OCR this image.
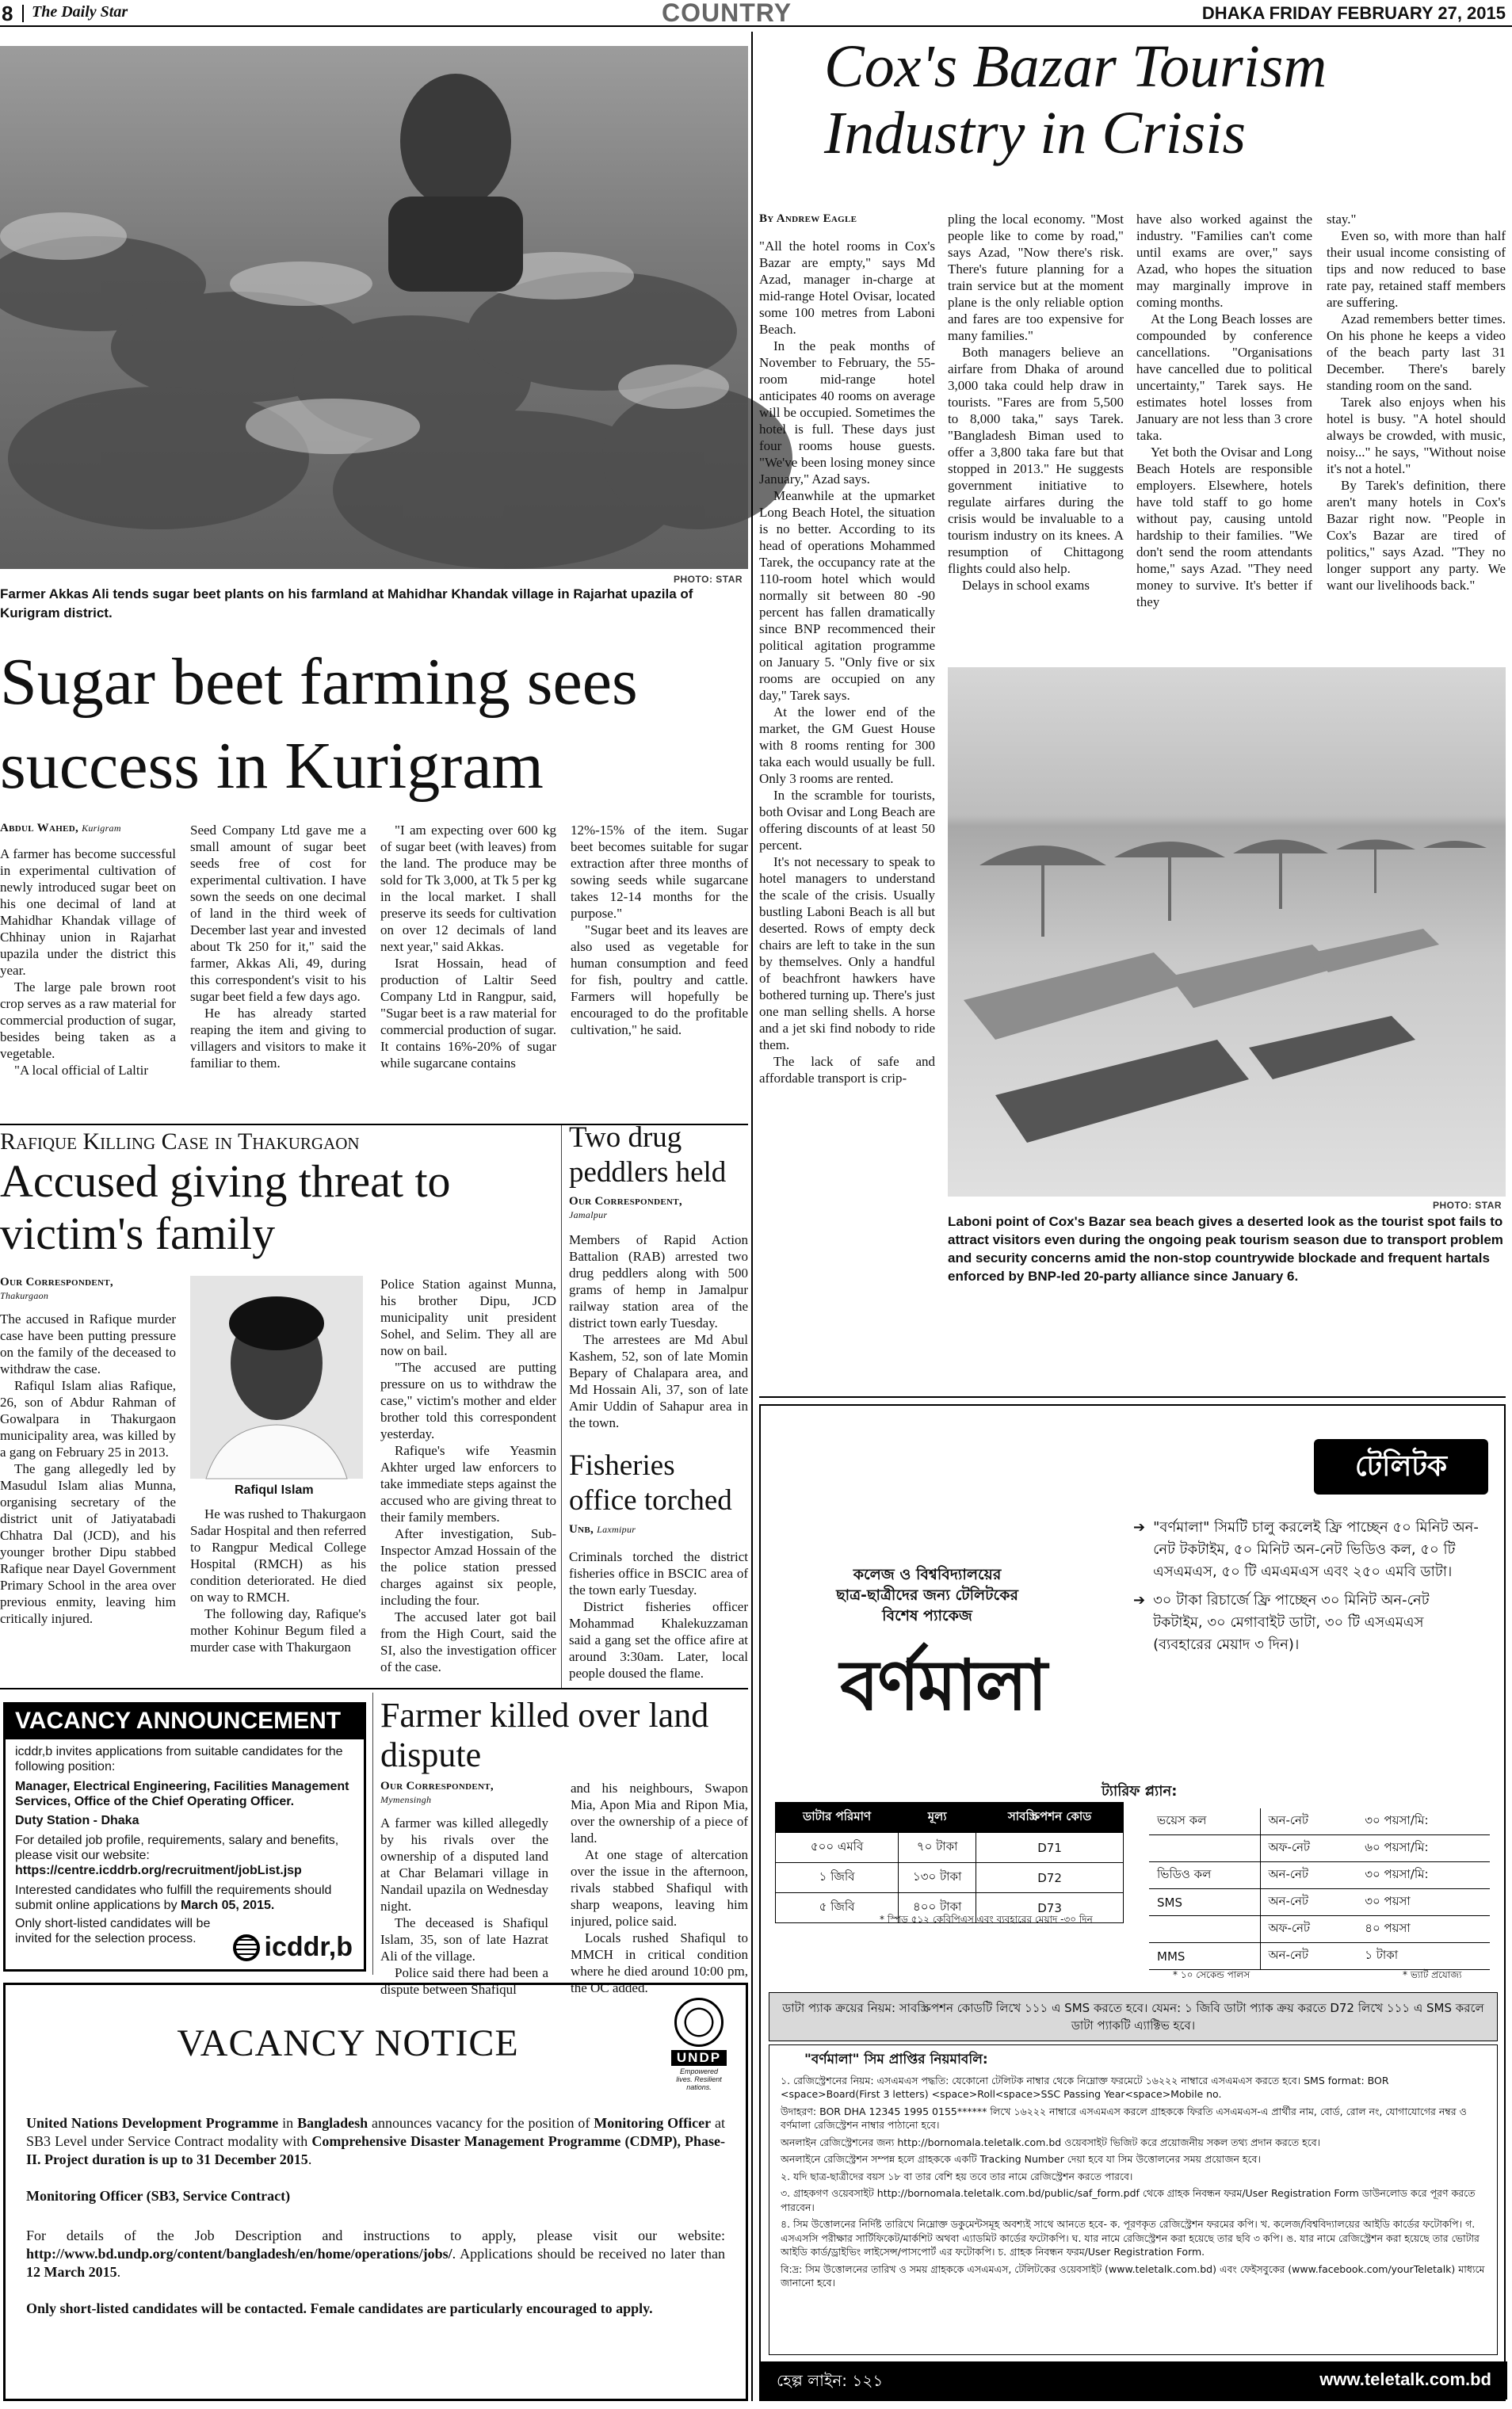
8 The Daily Star	COUNTRY	DHAKA FRIDAY FEBRUARY 27, 2015
PHOTO: STAR
Farmer Akkas Ali tends sugar beet plants on his farmland at Mahidhar Khandak village in Rajarhat upazila of Kurigram district.
Sugar beet farming sees success in Kurigram
Abdul Wahed, Kurigram

A farmer has become successful in experimental cultivation of newly introduced sugar beet on his one decimal of land at Mahidhar Khandak village of Chhinay union in Rajarhat upazila under the district this year.

The large pale brown root crop serves as a raw material for commercial production of sugar, besides being taken as a vegetable.

"A local official of Laltir

Seed Company Ltd gave me a small amount of sugar beet seeds free of cost for experimental cultivation. I have sown the seeds on one decimal of land in the third week of December last year and invested about Tk 250 for it," said the farmer, Akkas Ali, 49, during this correspondent's visit to his sugar beet field a few days ago.

He has already started reaping the item and giving to villagers and visitors to make it familiar to them.

"I am expecting over 600 kg of sugar beet (with leaves) from the land. The produce may be sold for Tk 3,000, at Tk 5 per kg in the local market. I shall preserve its seeds for cultivation on over 12 decimals of land next year," said Akkas.

Israt Hossain, head of production of Laltir Seed Company Ltd in Rangpur, said, "Sugar beet is a raw material for commercial production of sugar. It contains 16%-20% of sugar while sugarcane contains

12%-15% of the item. Sugar beet becomes suitable for sugar extraction after three months of sowing seeds while sugarcane takes 12-14 months for the purpose."

"Sugar beet and its leaves are also used as vegetable for human consumption and feed for fish, poultry and cattle. Farmers will hopefully be encouraged to do the profitable cultivation," he said.

Rafique Killing Case in Thakurgaon
Accused giving threat to victim's family
Our Correspondent,
Thakurgaon

The accused in Rafique murder case have been putting pressure on the family of the deceased to withdraw the case.

Rafiqul Islam alias Rafique, 26, son of Abdur Rahman of Gowalpara in Thakurgaon municipality area, was killed by a gang on February 25 in 2013.

The gang allegedly led by Masudul Islam alias Munna, organising secretary of the district unit of Jatiyatabadi Chhatra Dal (JCD), and his younger brother Dipu stabbed Rafique near Dayel Government Primary School in the area over previous enmity, leaving him critically injured.

Rafiqul Islam

He was rushed to Thakurgaon Sadar Hospital and then referred to Rangpur Medical College Hospital (RMCH) as his condition deteriorated. He died on way to RMCH.

The following day, Rafique's mother Kohinur Begum filed a murder case with Thakurgaon

Police Station against Munna, his brother Dipu, JCD municipality unit president Sohel, and Selim. They all are now on bail.

"The accused are putting pressure on us to withdraw the case," victim's mother and elder brother told this correspondent yesterday.

Rafique's wife Yeasmin Akhter urged law enforcers to take immediate steps against the accused who are giving threat to their family members.

After investigation, Sub-Inspector Amzad Hossain of the the police station pressed charges against six people, including the four.

The accused later got bail from the High Court, said the SI, also the investigation officer of the case.

Two drug peddlers held
Our Correspondent,
Jamalpur

Members of Rapid Action Battalion (RAB) arrested two drug peddlers along with 500 grams of hemp in Jamalpur railway station area of the district town early Tuesday.

The arrestees are Md Abul Kashem, 52, son of late Momin Bepary of Chalapara area, and Md Hossain Ali, 37, son of late Amir Uddin of Sahapur area in the town.

Fisheries office torched
Unb, Laxmipur

Criminals torched the district fisheries office in BSCIC area of the town early Tuesday.

District fisheries officer Mohammad Khalekuzzaman said a gang set the office afire at around 3:30am. Later, local people doused the flame.

VACANCY ANNOUNCEMENT
icddr,b invites applications from suitable candidates for the following position:
Manager, Electrical Engineering, Facilities Management Services, Office of the Chief Operating Officer.
Duty Station - Dhaka
For detailed job profile, requirements, salary and benefits, please visit our website: https://centre.icddrb.org/recruitment/jobList.jsp
Interested candidates who fulfill the requirements should submit online applications by March 05, 2015.
Only short-listed candidates will be invited for the selection process.	icddr,b
Farmer killed over land dispute
Our Correspondent,
Mymensingh

A farmer was killed allegedly by his rivals over the ownership of a disputed land at Char Belamari village in Nandail upazila on Wednesday night.

The deceased is Shafiqul Islam, 35, son of late Hazrat Ali of the village.

Police said there had been a dispute between Shafiqul

and his neighbours, Swapon Mia, Apon Mia and Ripon Mia, over the ownership of a piece of land.

At one stage of altercation over the issue in the afternoon, rivals stabbed Shafiqul with sharp weapons, leaving him injured, police said.

Locals rushed Shafiqul to MMCH in critical condition where he died around 10:00 pm, the OC added.

VACANCY NOTICE	UNDP
Empowered lives. Resilient nations.
United Nations Development Programme in Bangladesh announces vacancy for the position of Monitoring Officer at SB3 Level under Service Contract modality with Comprehensive Disaster Management Programme (CDMP), Phase-II. Project duration is up to 31 December 2015.
Monitoring Officer (SB3, Service Contract)
For details of the Job Description and instructions to apply, please visit our website: http://www.bd.undp.org/content/bangladesh/en/home/operations/jobs/. Applications should be received no later than 12 March 2015.
Only short-listed candidates will be contacted. Female candidates are particularly encouraged to apply.
Cox's Bazar Tourism
Industry in Crisis
By Andrew Eagle

"All the hotel rooms in Cox's Bazar are empty," says Md Azad, manager in-charge at mid-range Hotel Ovisar, located some 100 metres from Laboni Beach.

In the peak months of November to February, the 55-room mid-range hotel anticipates 40 rooms on average will be occupied. Sometimes the hotel is full. These days just four rooms house guests. "We've been losing money since January," Azad says.

Meanwhile at the upmarket Long Beach Hotel, the situation is no better. According to its head of operations Mohammed Tarek, the occupancy rate at the 110-room hotel which would normally sit between 80 -90 percent has fallen dramatically since BNP recommenced their political agitation programme on January 5. "Only five or six rooms are occupied on any day," Tarek says.

At the lower end of the market, the GM Guest House with 8 rooms renting for 300 taka each would usually be full. Only 3 rooms are rented.

In the scramble for tourists, both Ovisar and Long Beach are offering discounts of at least 50 percent.

It's not necessary to speak to hotel managers to understand the scale of the crisis. Usually bustling Laboni Beach is all but deserted. Rows of empty deck chairs are left to take in the sun by themselves. Only a handful of beachfront hawkers have bothered turning up. There's just one man selling shells. A horse and a jet ski find nobody to ride them.

The lack of safe and affordable transport is crip-

pling the local economy. "Most people like to come by road," says Azad, "Now there's risk. There's future planning for a train service but at the moment plane is the only reliable option and fares are too expensive for many families."

Both managers believe an airfare from Dhaka of around 3,000 taka could help draw in tourists. "Fares are from 5,500 to 8,000 taka," says Tarek. "Bangladesh Biman used to offer a 3,800 taka fare but that stopped in 2013." He suggests government initiative to regulate airfares during the crisis would be invaluable to a tourism industry on its knees. A resumption of Chittagong flights could also help.

Delays in school exams

have also worked against the industry. "Families can't come until exams are over," says Azad, who hopes the situation may marginally improve in coming months.

At the Long Beach losses are compounded by conference cancellations. "Organisations have cancelled due to political uncertainty," Tarek says. He estimates hotel losses from January are not less than 3 crore taka.

Yet both the Ovisar and Long Beach Hotels are responsible employers. Elsewhere, hotels have told staff to go home without pay, causing untold hardship to their families. "We don't send the room attendants home," says Azad. "They need money to survive. It's better if they

stay."

Even so, with more than half their usual income consisting of tips and now reduced to base rate pay, retained staff members are suffering.

Azad remembers better times. On his phone he keeps a video of the beach party last 31 December. There's barely standing room on the sand.

Tarek also enjoys when his hotel is busy. "A hotel should always be crowded, with music, noisy..." he says, "Without noise it's not a hotel."

By Tarek's definition, there aren't many hotels in Cox's Bazar right now. "People in Cox's Bazar are tired of politics," says Azad. "They no longer support any party. We want our livelihoods back."

PHOTO: STAR
Laboni point of Cox's Bazar sea beach gives a deserted look as the tourist spot fails to attract visitors even during the ongoing peak tourism season due to transport problem and security concerns amid the non-stop countrywide blockade and frequent hartals enforced by BNP-led 20-party alliance since January 6.
টেলিটক
কলেজ ও বিশ্ববিদ্যালয়ের
ছাত্র-ছাত্রীদের জন্য টেলিটকের
বিশেষ প্যাকেজ
বর্ণমালা
➔ "বর্ণমালা" সিমটি চালু করলেই ফ্রি পাচ্ছেন ৫০ মিনিট অন-নেট টকটাইম, ৫০ মিনিট অন-নেট ভিডিও কল, ৫০ টি এসএমএস, ৫০ টি এমএমএস এবং ২৫০ এমবি ডাটা।
➔ ৩০ টাকা রিচার্জে ফ্রি পাচ্ছেন ৩০ মিনিট অন-নেট টকটাইম, ৩০ মেগাবাইট ডাটা, ৩০ টি এসএমএস (ব্যবহারের মেয়াদ ৩ দিন)।
ট্যারিফ প্ল্যান:
ডাটার পরিমাণ	মূল্য	সাবস্ক্রিপশন কোড
৫০০ এমবি	৭০ টাকা	D71
১ জিবি	১৩০ টাকা	D72
৫ জিবি	৪০০ টাকা	D73
* স্পিড ৫১২ কেবিপিএস এবং ব্যবহারের মেয়াদ -৩০ দিন
ভয়েস কল	অন-নেট	৩০ পয়সা/মি:
	অফ-নেট	৬০ পয়সা/মি:
ভিডিও কল	অন-নেট	৩০ পয়সা/মি:
SMS	অন-নেট	৩০ পয়সা
	অফ-নেট	৪০ পয়সা
MMS	অন-নেট	১ টাকা
* ১০ সেকেন্ড পালস	* ভ্যাট প্রযোজ্য
ডাটা প্যাক ক্রয়ের নিয়ম: সাবস্ক্রিপশন কোডটি লিখে ১১১ এ SMS করতে হবে। যেমন: ১ জিবি ডাটা প্যাক ক্রয় করতে D72 লিখে ১১১ এ SMS করলে ডাটা প্যাকটি এ্যাক্টিভ হবে।
"বর্ণমালা" সিম প্রাপ্তির নিয়মাবলি:
১. রেজিস্ট্রেশনের নিয়ম: এসএমএস পদ্ধতি: যেকোনো টেলিটক নাম্বার থেকে নিম্নোক্ত ফরমেটে ১৬২২২ নাম্বারে এসএমএস করতে হবে। SMS format: BOR <space>Board(First 3 letters) <space>Roll<space>SSC Passing Year<space>Mobile no.
উদাহরণ: BOR DHA 12345 1995 0155****** লিখে ১৬২২২ নাম্বারে এসএমএস করলে গ্রাহককে ফিরতি এসএমএস-এ প্রার্থীর নাম, বোর্ড, রোল নং, যোগাযোগের নম্বর ও বর্ণমালা রেজিস্ট্রেশন নাম্বার পাঠানো হবে।
অনলাইন রেজিস্ট্রেশনের জন্য http://bornomala.teletalk.com.bd ওয়েবসাইট ভিজিট করে প্রয়োজনীয় সকল তথ্য প্রদান করতে হবে।
অনলাইনে রেজিস্ট্রেশন সম্পন্ন হলে গ্রাহককে একটি Tracking Number দেয়া হবে যা সিম উত্তোলনের সময় প্রয়োজন হবে।
২. যদি ছাত্র-ছাত্রীদের বয়স ১৮ বা তার বেশি হয় তবে তার নামে রেজিস্ট্রেশন করতে পারবে।
৩. গ্রাহকগণ ওয়েবসাইট http://bornomala.teletalk.com.bd/public/saf_form.pdf থেকে গ্রাহক নিবন্ধন ফরম/User Registration Form ডাউনলোড করে পূরণ করতে পারবেন।
৪. সিম উত্তোলনের নির্দিষ্ট তারিখে নিম্নোক্ত ডকুমেন্টসমূহ অবশ্যই সাথে আনতে হবে- ক. পূরণকৃত রেজিস্ট্রেশন ফরমের কপি। খ. কলেজ/বিশ্ববিদ্যালয়ের আইডি কার্ডের ফটোকপি। গ. এসএসসি পরীক্ষার সার্টিফিকেট/মার্কশিট অথবা এ্যাডমিট কার্ডের ফটোকপি। ঘ. যার নামে রেজিস্ট্রেশন করা হয়েছে তার ছবি ৩ কপি। ঙ. যার নামে রেজিস্ট্রেশন করা হয়েছে তার ভোটার আইডি কার্ড/ড্রাইভিং লাইসেন্স/পাসপোর্ট এর ফটোকপি। চ. গ্রাহক নিবন্ধন ফরম/User Registration Form.
বি:দ্র: সিম উত্তোলনের তারিখ ও সময় গ্রাহককে এসএমএস, টেলিটকের ওয়েবসাইট (www.teletalk.com.bd) এবং ফেইসবুকের (www.facebook.com/yourTeletalk) মাধ্যমে জানানো হবে।
হেল্প লাইন: ১২১	www.teletalk.com.bd
